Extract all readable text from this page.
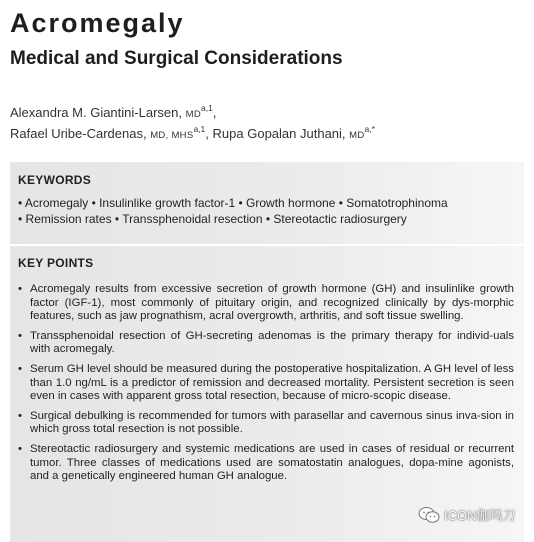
Acromegaly
Medical and Surgical Considerations
Alexandra M. Giantini-Larsen, MD$^{a,1}$,
Rafael Uribe-Cardenas, MD, MHS$^{a,1}$, Rupa Gopalan Juthani, $MD^{a,*}$
KEYWORDS
• Acromegaly • Insulinlike growth factor-1 • Growth hormone • Somatotrophinoma
• Remission rates • Transsphenoidal resection • Stereotactic radiosurgery
KEY POINTS
• Acromegaly results from excessive secretion of growth hormone (GH) and insulinlike growth factor (IGF-1), most commonly of pituitary origin, and recognized clinically by dys-morphic features, such as jaw prognathism, acral overgrowth, arthritis, and soft tissue swelling.
• Transsphenoidal resection of GH-secreting adenomas is the primary therapy for individ-uals with acromegaly.
• Serum GH level should be measured during the postoperative hospitalization. A GH level of less than 1.0 ng/mL is a predictor of remission and decreased mortality. Persistent secretion is seen even in cases with apparent gross total resection, because of micro-scopic disease.
• Surgical debulking is recommended for tumors with parasellar and cavernous sinus inva-sion in which gross total resection is not possible.
• Stereotactic radiosurgery and systemic medications are used in cases of residual or recurrent tumor. Three classes of medications used are somatostatin analogues, dopa-mine agonists, and a genetically engineered human GH analogue.
ICON伽玛刀
